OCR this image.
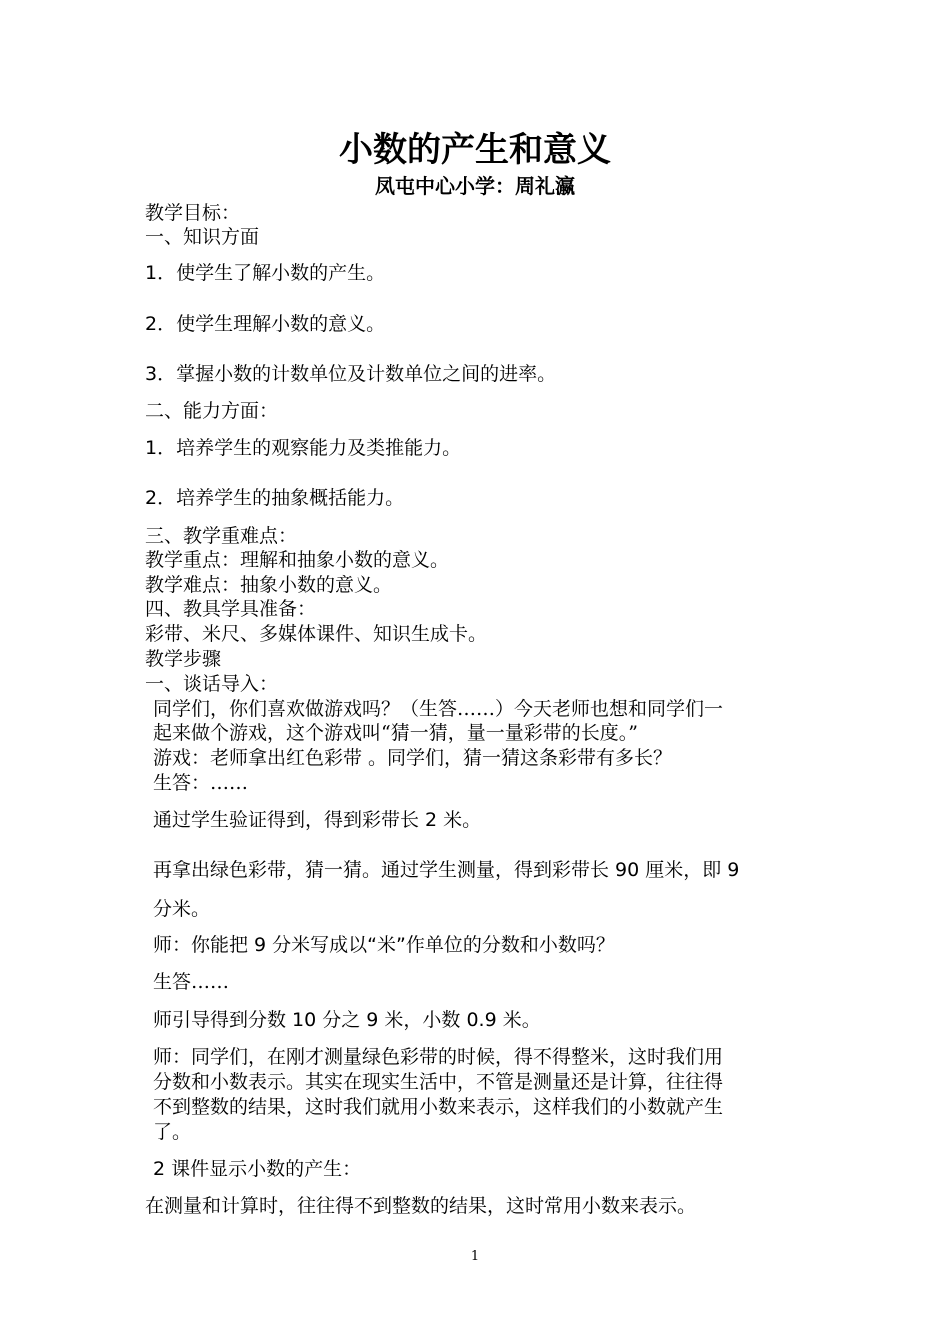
小数的产生和意义
凤屯中心小学：周礼瀛
教学目标：
一、知识方面
1．使学生了解小数的产生。
2．使学生理解小数的意义。
3．掌握小数的计数单位及计数单位之间的进率。
二、能力方面：
1．培养学生的观察能力及类推能力。
2．培养学生的抽象概括能力。
三、教学重难点：
教学重点：理解和抽象小数的意义。
教学难点：抽象小数的意义。
四、教具学具准备：
彩带、米尺、多媒体课件、知识生成卡。
教学步骤
一、谈话导入：
同学们，你们喜欢做游戏吗？（生答……）今天老师也想和同学们一
起来做个游戏，这个游戏叫“猜一猜，量一量彩带的长度。”
游戏：老师拿出红色彩带 。同学们，猜一猜这条彩带有多长？
生答：……
通过学生验证得到，得到彩带长 2 米。
再拿出绿色彩带，猜一猜。通过学生测量，得到彩带长 90 厘米，即 9
分米。
师：你能把 9 分米写成以“米”作单位的分数和小数吗？
生答……
师引导得到分数 10 分之 9 米，小数 0.9 米。
师：同学们，在刚才测量绿色彩带的时候，得不得整米，这时我们用
分数和小数表示。其实在现实生活中，不管是测量还是计算，往往得
不到整数的结果，这时我们就用小数来表示，这样我们的小数就产生
了。
2 课件显示小数的产生：
在测量和计算时，往往得不到整数的结果，这时常用小数来表示。
1
